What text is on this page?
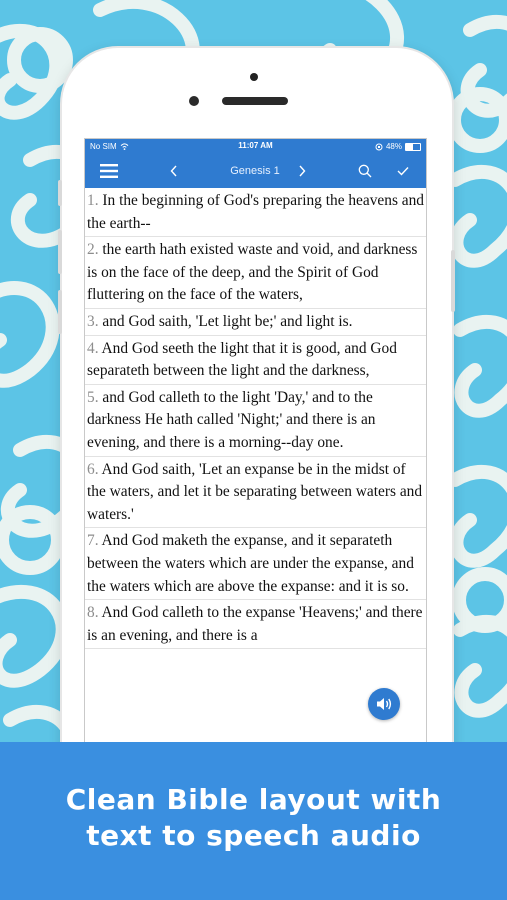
No SIM	11:07 AM	48%
Genesis 1
1. In the beginning of God's preparing the heavens and the earth--
2. the earth hath existed waste and void, and darkness is on the face of the deep, and the Spirit of God fluttering on the face of the waters,
3. and God saith, 'Let light be;' and light is.
4. And God seeth the light that it is good, and God separateth between the light and the darkness,
5. and God calleth to the light 'Day,' and to the darkness He hath called 'Night;' and there is an evening, and there is a morning--day one.
6. And God saith, 'Let an expanse be in the midst of the waters, and let it be separating between waters and waters.'
7. And God maketh the expanse, and it separateth between the waters which are under the expanse, and the waters which are above the expanse: and it is so.
8. And God calleth to the expanse 'Heavens;' and there is an evening, and there is a
Clean Bible layout with
text to speech audio
